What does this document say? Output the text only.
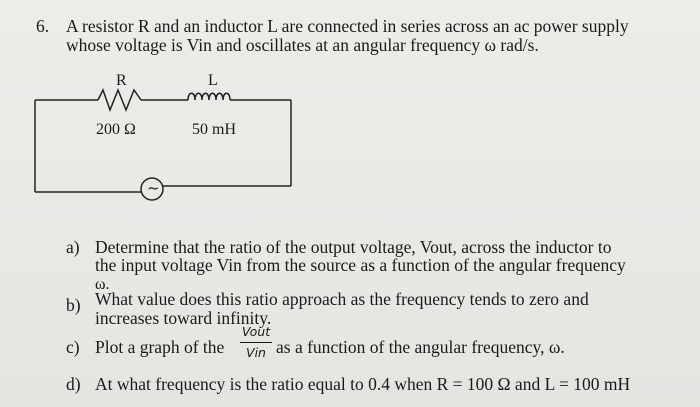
6. A resistor R and an inductor L are connected in series across an ac power supply
whose voltage is Vin and oscillates at an angular frequency ω rad/s.
R	L
200 Ω	50 mH
~
a) Determine that the ratio of the output voltage, Vout, across the inductor to
the input voltage Vin from the source as a function of the angular frequency
ω.
b) What value does this ratio approach as the frequency tends to zero and
increases toward infinity.
c) Plot a graph of the
Vout
Vin as a function of the angular frequency, ω.
d) At what frequency is the ratio equal to 0.4 when R = 100 Ω and L = 100 mH
